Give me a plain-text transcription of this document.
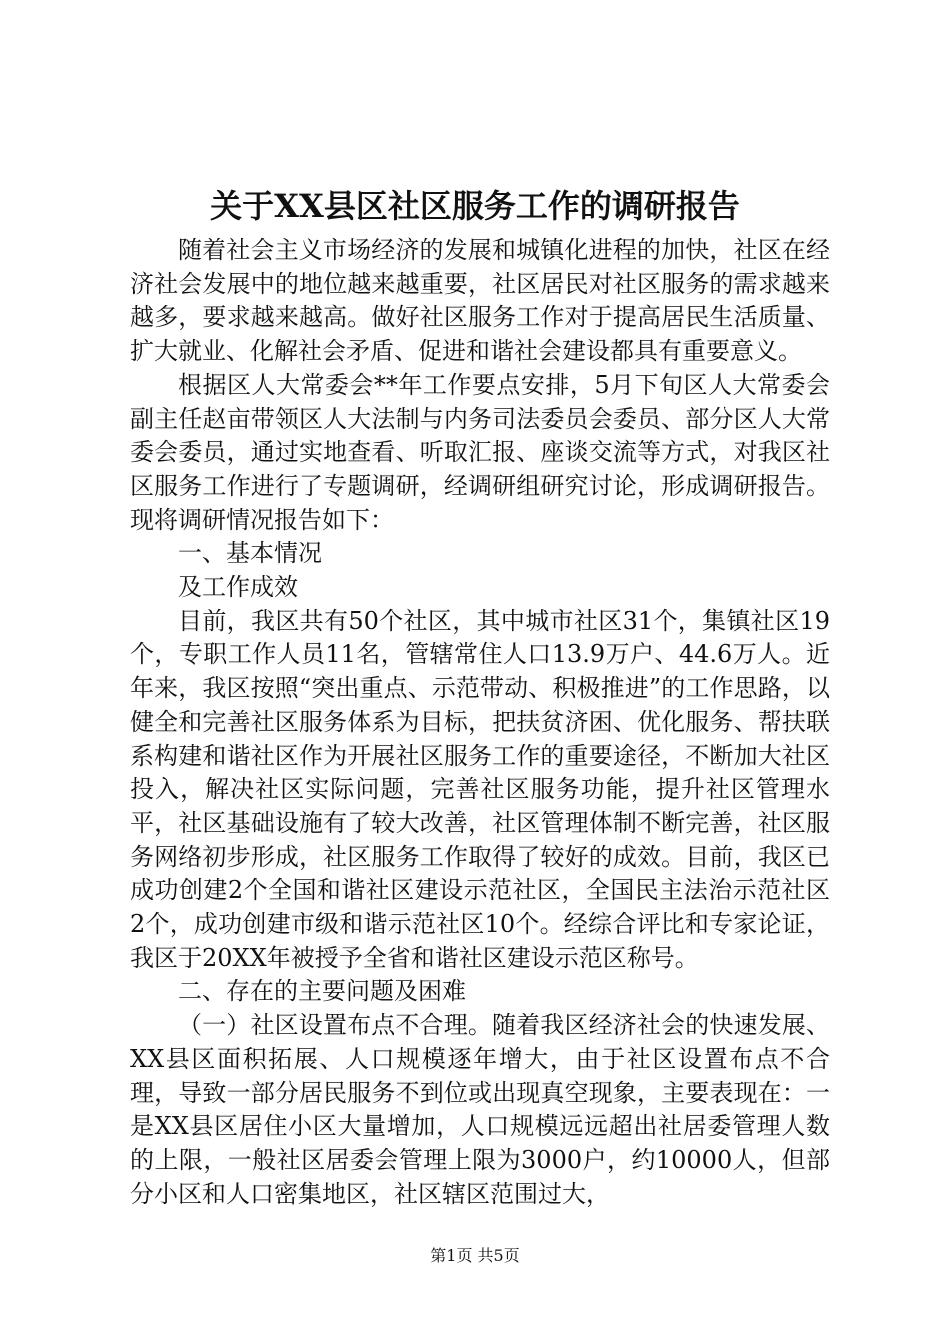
关于XX县区社区服务工作的调研报告

随着社会主义市场经济的发展和城镇化进程的加快，社区在经济社会发展中的地位越来越重要，社区居民对社区服务的需求越来越多，要求越来越高。做好社区服务工作对于提高居民生活质量、扩大就业、化解社会矛盾、促进和谐社会建设都具有重要意义。

根据区人大常委会**年工作要点安排，5月下旬区人大常委会副主任赵亩带领区人大法制与内务司法委员会委员、部分区人大常委会委员，通过实地查看、听取汇报、座谈交流等方式，对我区社区服务工作进行了专题调研，经调研组研究讨论，形成调研报告。现将调研情况报告如下：

一、基本情况

及工作成效

目前，我区共有50个社区，其中城市社区31个，集镇社区19个，专职工作人员11名，管辖常住人口13.9万户、44.6万人。近年来，我区按照“突出重点、示范带动、积极推进”的工作思路，以健全和完善社区服务体系为目标，把扶贫济困、优化服务、帮扶联系构建和谐社区作为开展社区服务工作的重要途径，不断加大社区投入，解决社区实际问题，完善社区服务功能，提升社区管理水平，社区基础设施有了较大改善，社区管理体制不断完善，社区服务网络初步形成，社区服务工作取得了较好的成效。目前，我区已成功创建2个全国和谐社区建设示范社区，全国民主法治示范社区2个，成功创建市级和谐示范社区10个。经综合评比和专家论证，我区于20XX年被授予全省和谐社区建设示范区称号。

二、存在的主要问题及困难

（一）社区设置布点不合理。随着我区经济社会的快速发展、XX县区面积拓展、人口规模逐年增大，由于社区设置布点不合理，导致一部分居民服务不到位或出现真空现象，主要表现在：一是XX县区居住小区大量增加，人口规模远远超出社居委管理人数的上限，一般社区居委会管理上限为3000户，约10000人，但部分小区和人口密集地区，社区辖区范围过大，

第1页 共5页
